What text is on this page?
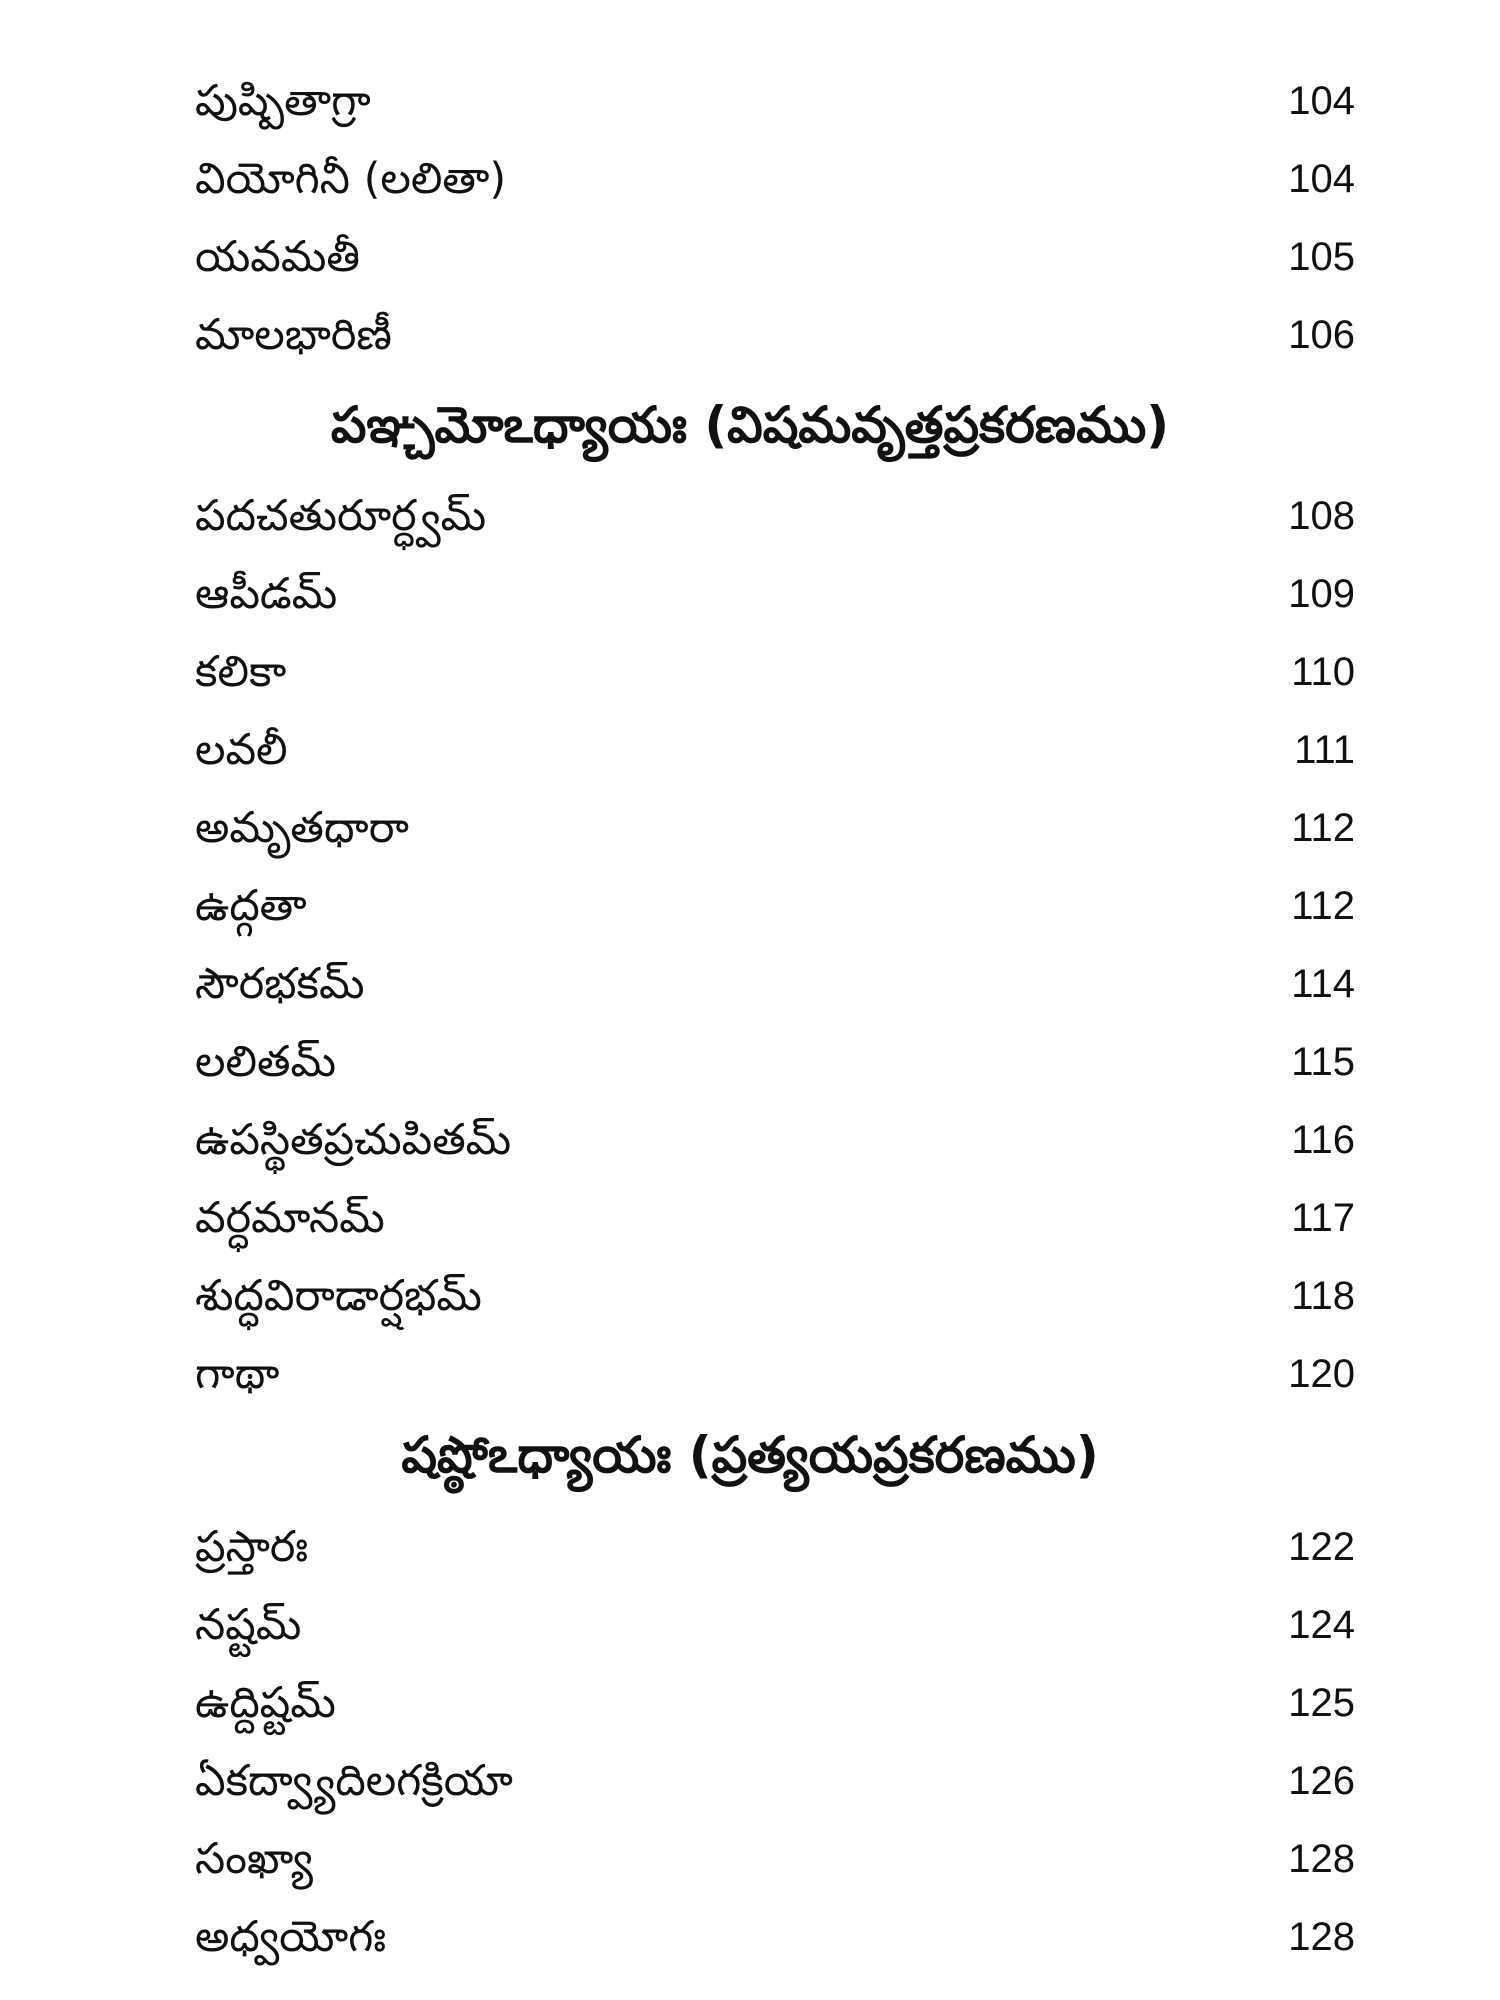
పుష్పితాగ్రా	104
వియోగినీ (లలితా)	104
యవమతీ	105
మాలభారిణీ	106
పఞ్చమోఽధ్యాయః (విషమవృత్తప్రకరణము)
పదచతురూర్ధ్వమ్	108
ఆపీడమ్	109
కలికా	110
లవలీ	111
అమృతధారా	112
ఉద్గతా	112
సౌరభకమ్	114
లలితమ్	115
ఉపస్థితప్రచుపితమ్	116
వర్ధమానమ్	117
శుద్ధవిరాడార్షభమ్	118
గాథా	120
షష్ఠోఽధ్యాయః (ప్రత్యయప్రకరణము)
ప్రస్తారః	122
నష్టమ్	124
ఉద్దిష్టమ్	125
ఏకద్వ్యాదిలగక్రియా	126
సంఖ్యా	128
అధ్వయోగః	128
